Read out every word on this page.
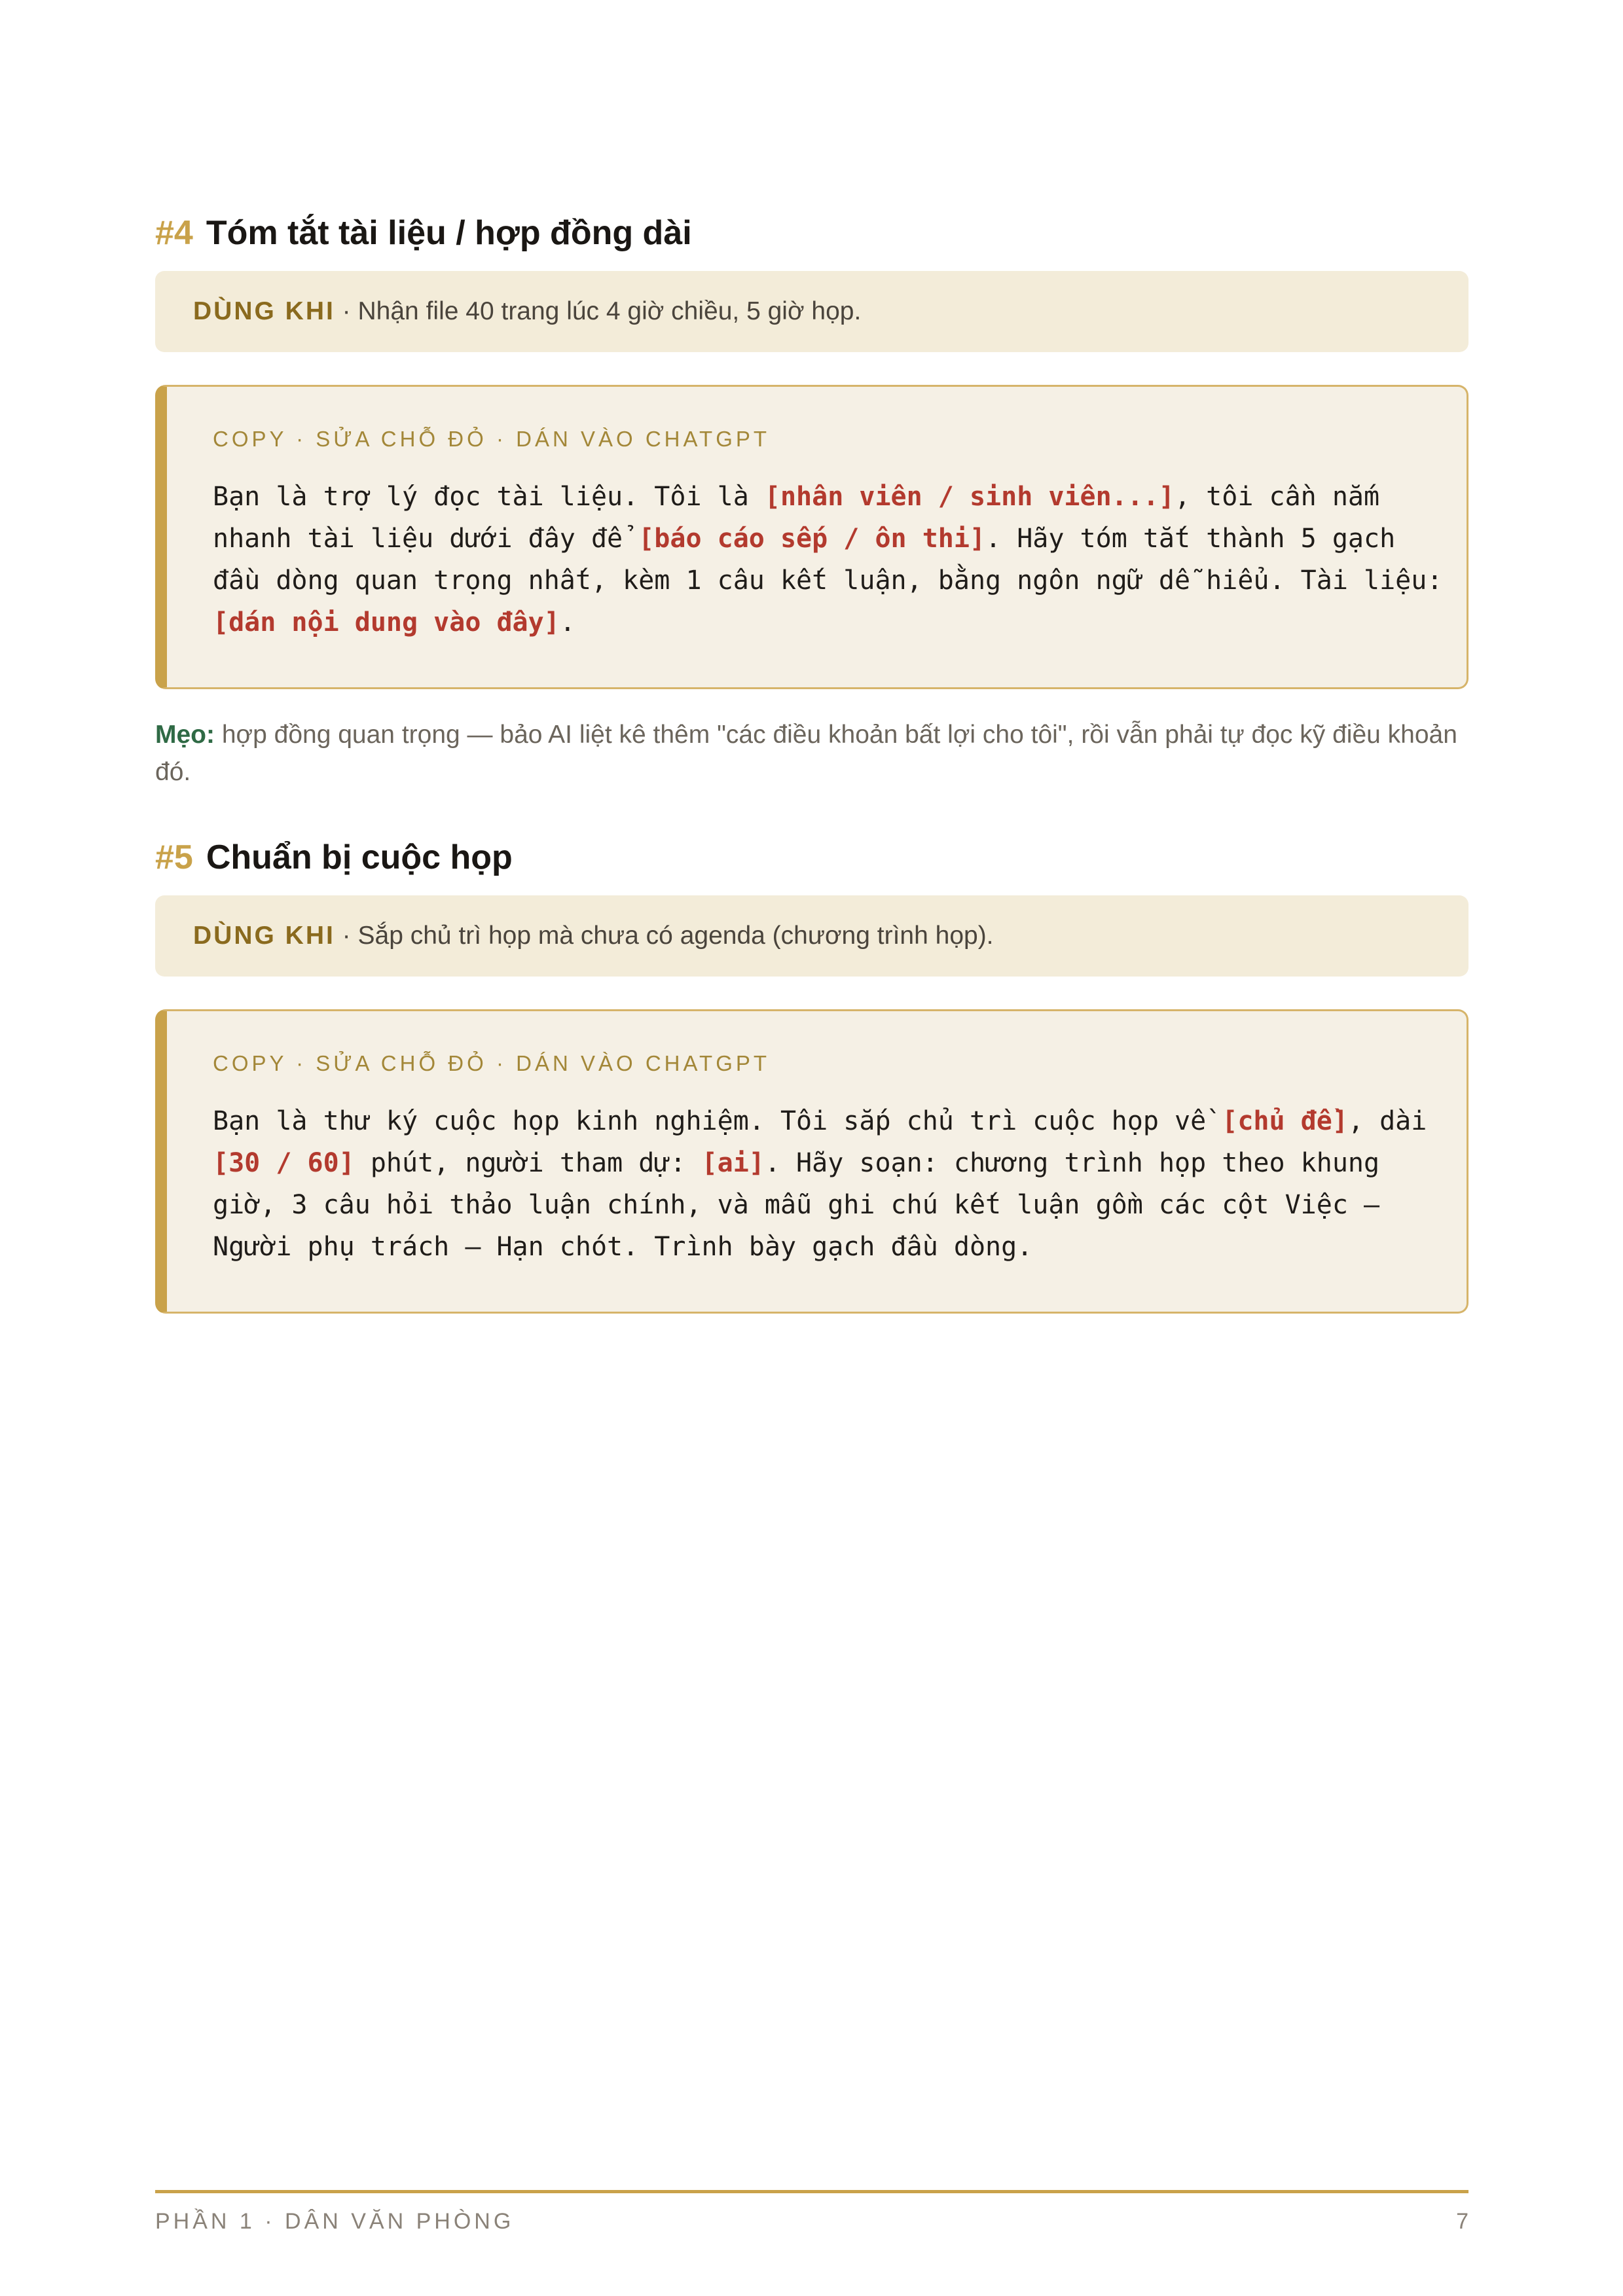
#4 Tóm tắt tài liệu / hợp đồng dài
DÙNG KHI · Nhận file 40 trang lúc 4 giờ chiều, 5 giờ họp.
COPY · SỬA CHỖ ĐỎ · DÁN VÀO CHATGPT
Bạn là trợ lý đọc tài liệu. Tôi là [nhân viên / sinh viên...], tôi cần nắm
nhanh tài liệu dưới đây để [báo cáo sếp / ôn thi]. Hãy tóm tắt thành 5 gạch
đầu dòng quan trọng nhất, kèm 1 câu kết luận, bằng ngôn ngữ dễ hiểu. Tài liệu:
[dán nội dung vào đây].
Mẹo: hợp đồng quan trọng — bảo AI liệt kê thêm "các điều khoản bất lợi cho tôi", rồi vẫn phải tự đọc kỹ điều khoản đó.
#5 Chuẩn bị cuộc họp
DÙNG KHI · Sắp chủ trì họp mà chưa có agenda (chương trình họp).
COPY · SỬA CHỖ ĐỎ · DÁN VÀO CHATGPT
Bạn là thư ký cuộc họp kinh nghiệm. Tôi sắp chủ trì cuộc họp về [chủ đề], dài
[30 / 60] phút, người tham dự: [ai]. Hãy soạn: chương trình họp theo khung
giờ, 3 câu hỏi thảo luận chính, và mẫu ghi chú kết luận gồm các cột Việc —
Người phụ trách — Hạn chót. Trình bày gạch đầu dòng.
PHẦN 1 · DÂN VĂN PHÒNG	7
